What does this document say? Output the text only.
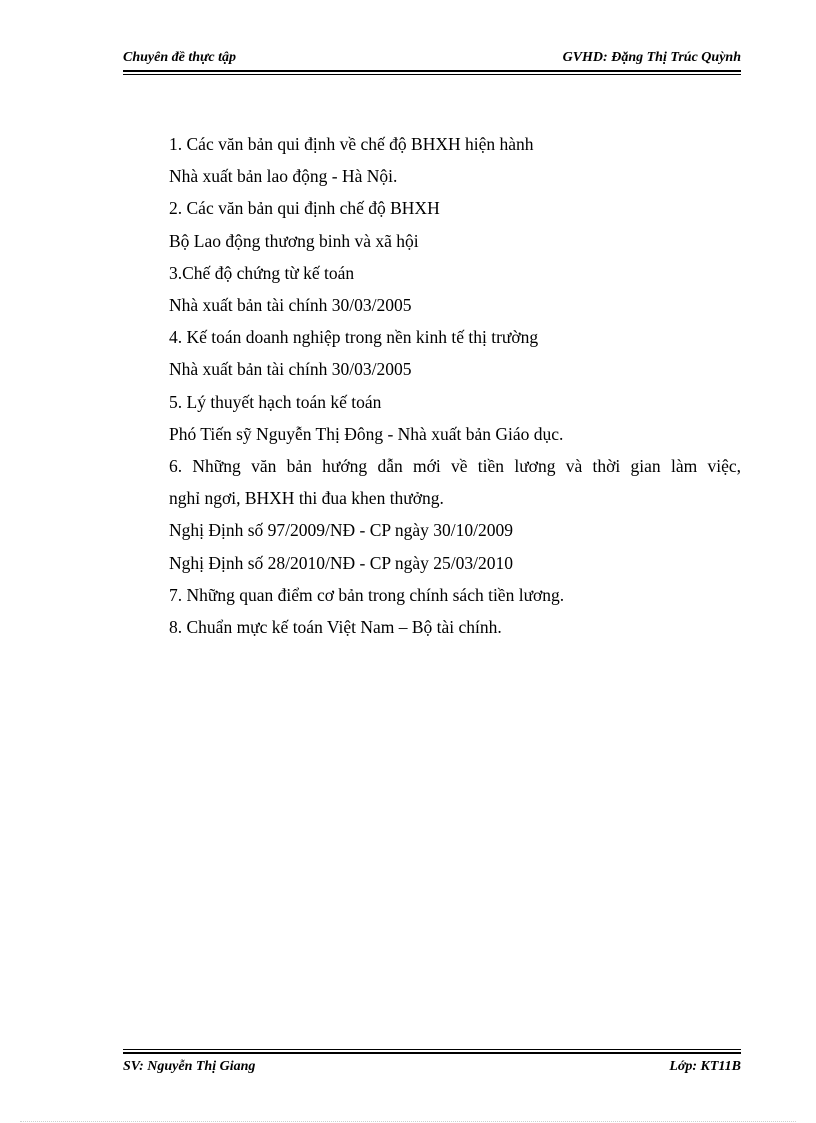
Chuyên đề thực tập	GVHD: Đặng Thị Trúc Quỳnh

1. Các văn bản qui định về chế độ BHXH hiện hành

Nhà xuất bản lao động - Hà Nội.

2. Các văn bản qui định chế độ BHXH

Bộ Lao động thương binh và xã hội

3.Chế độ chứng từ kế toán

Nhà xuất bản tài chính 30/03/2005

4. Kế toán doanh nghiệp trong nền kinh tế thị trường

Nhà xuất bản tài chính 30/03/2005

5. Lý thuyết hạch toán kế toán

Phó Tiến sỹ Nguyễn Thị Đông - Nhà xuất bản Giáo dục.

6. Những văn bản hướng dẫn mới về tiền lương và thời gian làm việc,

nghỉ ngơi, BHXH thi đua khen thưởng.

Nghị Định số 97/2009/NĐ - CP ngày 30/10/2009

Nghị Định số 28/2010/NĐ - CP ngày 25/03/2010

7. Những quan điểm cơ bản trong chính sách tiền lương.

8. Chuẩn mực kế toán Việt Nam – Bộ tài chính.

SV: Nguyễn Thị Giang	Lớp: KT11B
